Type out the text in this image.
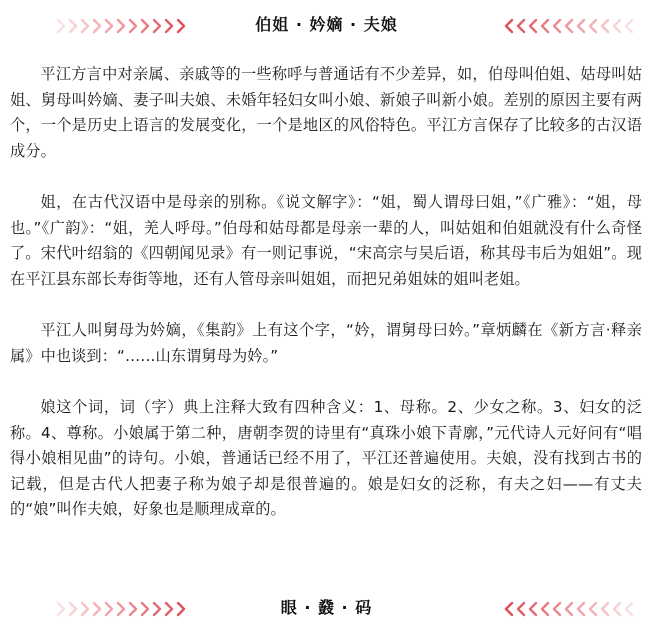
伯姐 · 妗嫡 · 夫娘

平江方言中对亲属、亲戚等的一些称呼与普通话有不少差异，如，伯母叫伯姐、姑母叫姑姐、舅母叫妗嫡、妻子叫夫娘、未婚年轻妇女叫小娘、新娘子叫新小娘。差别的原因主要有两个，一个是历史上语言的发展变化，一个是地区的风俗特色。平江方言保存了比较多的古汉语成分。

姐，在古代汉语中是母亲的别称。《说文解字》：“姐，蜀人谓母曰姐，”《广雅》：“姐，母也。”《广韵》：“姐，羌人呼母。”伯母和姑母都是母亲一辈的人，叫姑姐和伯姐就没有什么奇怪了。宋代叶绍翁的《四朝闻见录》有一则记事说，“宋高宗与吴后语，称其母韦后为姐姐”。现在平江县东部长寿街等地，还有人管母亲叫姐姐，而把兄弟姐妹的姐叫老姐。

平江人叫舅母为妗嫡，《集韵》上有这个字，“妗，谓舅母曰妗。”章炳麟在《新方言·释亲属》中也谈到：“……山东谓舅母为妗。”

娘这个词，词（字）典上注释大致有四种含义：1、母称。2、少女之称。3、妇女的泛称。4、尊称。小娘属于第二种，唐朝李贺的诗里有“真珠小娘下青廓，”元代诗人元好问有“唱得小娘相见曲”的诗句。小娘，普通话已经不用了，平江还普遍使用。夫娘，没有找到古书的记载，但是古代人把妻子称为娘子却是很普遍的。娘是妇女的泛称，有夫之妇——有丈夫的“娘”叫作夫娘，好象也是顺理成章的。

眼 · 鼗 · 码
